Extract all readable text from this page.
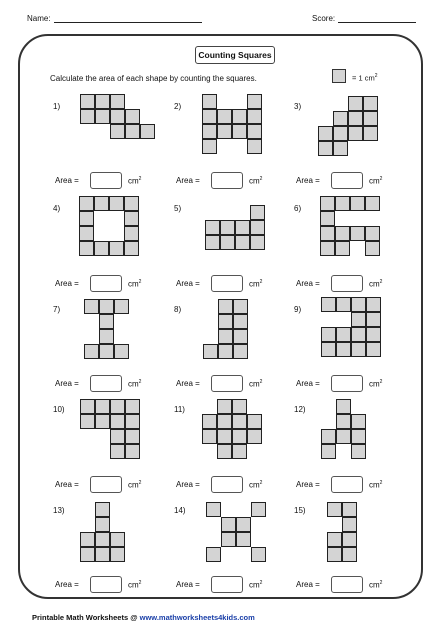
Name:	Score:
Counting Squares
Calculate the area of each shape by counting the squares.	= 1 $cm^2$
1)
Area =	$cm^2$
2)
Area =	$cm^2$
3)
Area =	$cm^2$
4)
Area =	$cm^2$
5)
Area =	$cm^2$
6)
Area =	$cm^2$
7)
Area =	$cm^2$
8)
Area =	$cm^2$
9)
Area =	$cm^2$
10)
Area =	$cm^2$
11)
Area =	$cm^2$
12)
Area =	$cm^2$
13)
Area =	$cm^2$
14)
Area =	$cm^2$
15)
Area =	$cm^2$
Printable Math Worksheets @ www.mathworksheets4kids.com
